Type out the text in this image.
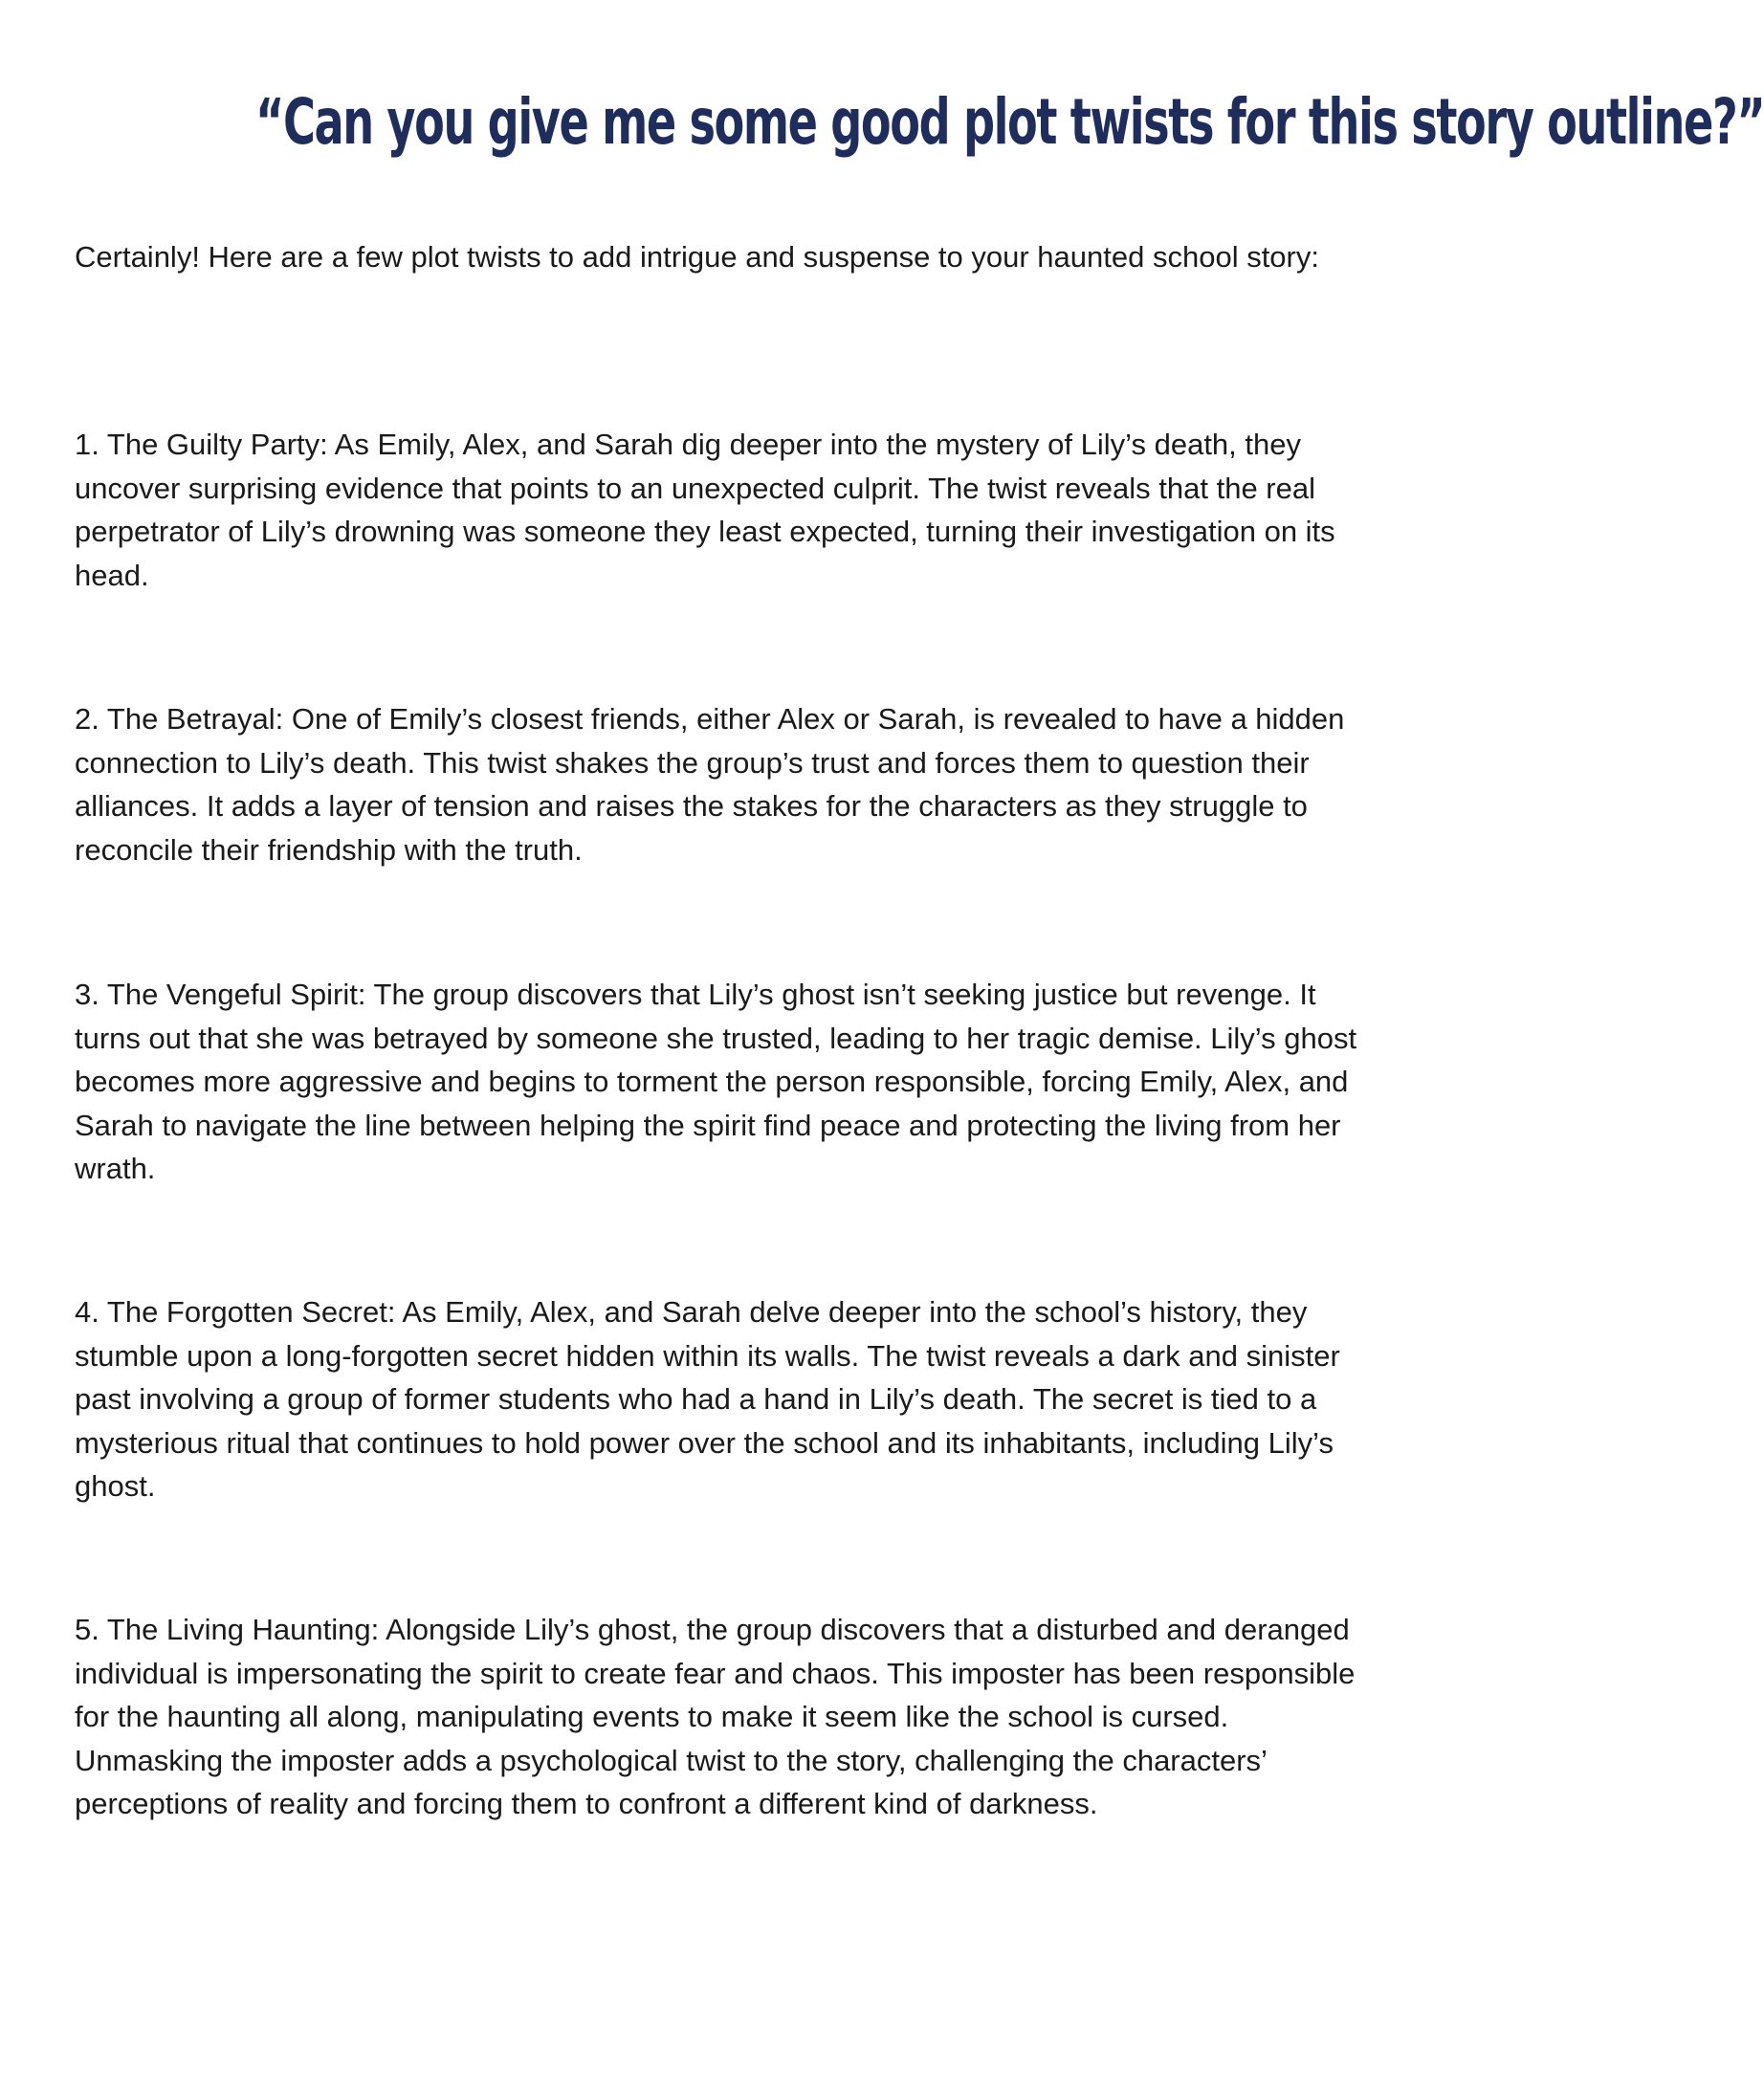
“Can you give me some good plot twists for this story outline?”

Certainly! Here are a few plot twists to add intrigue and suspense to your haunted school story:

1. The Guilty Party: As Emily, Alex, and Sarah dig deeper into the mystery of Lily’s death, they uncover surprising evidence that points to an unexpected culprit. The twist reveals that the real perpetrator of Lily’s drowning was someone they least expected, turning their investigation on its head.

2. The Betrayal: One of Emily’s closest friends, either Alex or Sarah, is revealed to have a hidden connection to Lily’s death. This twist shakes the group’s trust and forces them to question their alliances. It adds a layer of tension and raises the stakes for the characters as they struggle to reconcile their friendship with the truth.

3. The Vengeful Spirit: The group discovers that Lily’s ghost isn’t seeking justice but revenge. It turns out that she was betrayed by someone she trusted, leading to her tragic demise. Lily’s ghost becomes more aggressive and begins to torment the person responsible, forcing Emily, Alex, and Sarah to navigate the line between helping the spirit find peace and protecting the living from her wrath.

4. The Forgotten Secret: As Emily, Alex, and Sarah delve deeper into the school’s history, they stumble upon a long-forgotten secret hidden within its walls. The twist reveals a dark and sinister past involving a group of former students who had a hand in Lily’s death. The secret is tied to a mysterious ritual that continues to hold power over the school and its inhabitants, including Lily’s ghost.

5. The Living Haunting: Alongside Lily’s ghost, the group discovers that a disturbed and deranged individual is impersonating the spirit to create fear and chaos. This imposter has been responsible for the haunting all along, manipulating events to make it seem like the school is cursed. Unmasking the imposter adds a psychological twist to the story, challenging the characters’ perceptions of reality and forcing them to confront a different kind of darkness.
